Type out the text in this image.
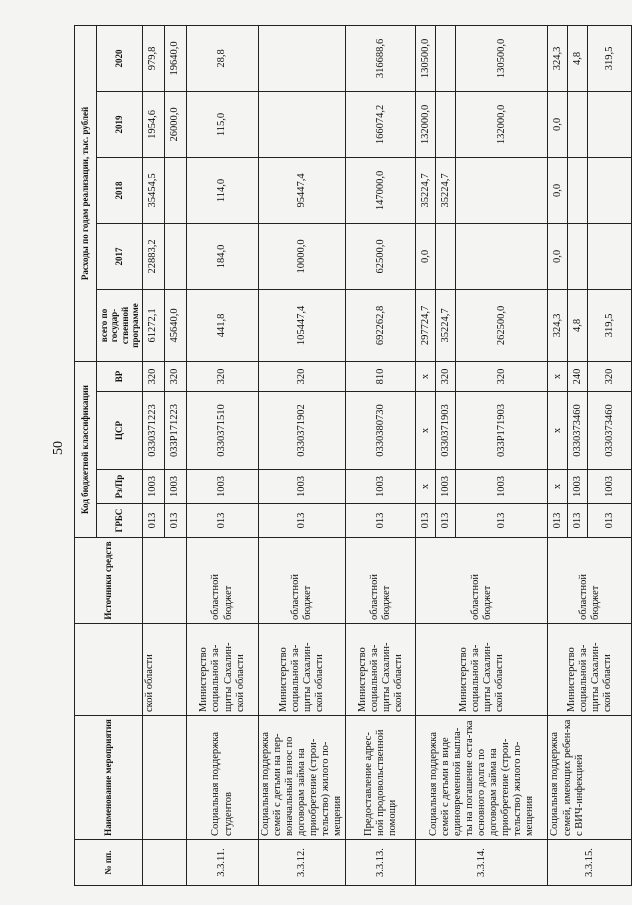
50
№ пп.	Наименование мероприятия		Источники средств	Код бюджетной классификации				Расходы по годам реализации, тыс. рублей				
				ГРБС	Рз/Пр	ЦСР	ВР	всего по государ-ственной программе	2017	2018	2019	2020
		ской области		013	1003	0330371223	320	61272,1	22883,2	35454,5	1954,6	979,8
				013	1003	033P171223	320	45640,0			26000,0	19640,0
3.3.11.	Социальная поддержка студентов	Министерство социальной за-щиты Сахалин-ской области	областной бюджет	013	1003	0330371510	320	441,8	184,0	114,0	115,0	28,8
3.3.12.	Социальная поддержка семей с детьми на пер-воначальный взнос по договорам займа на приобретение (строи-тельство) жилого по-мещения	Министерство социальной за-щиты Сахалин-ской области	областной бюджет	013	1003	0330371902	320	105447,4	10000,0	95447,4		
3.3.13.	Предоставление адрес-ной продовольственной помощи	Министерство социальной за-щиты Сахалин-ской области	областной бюджет	013	1003	0330380730	810	692262,8	62500,0	147000,0	166074,2	316688,6
3.3.14.	Социальная поддержка семей с детьми в виде единовременной выпла-ты на погашение оста-тка основного долга по договорам займа на приобретение (строи-тельство) жилого по-мещения	Министерство социальной за-щиты Сахалин-ской области	областной бюджет	013	x	x	x	297724,7	0,0	35224,7	132000,0	130500,0
				013	1003	0330371903	320	35224,7		35224,7		
				013	1003	033P171903	320	262500,0			132000,0	130500,0
3.3.15.	Социальная поддержка семей, имеющих ребен-ка с ВИЧ-инфекцией	Министерство социальной за-щиты Сахалин-ской области	областной бюджет	013	x	x	x	324,3	0,0	0,0	0,0	324,3
				013	1003	0330373460	240	4,8				4,8
				013	1003	0330373460	320	319,5				319,5
